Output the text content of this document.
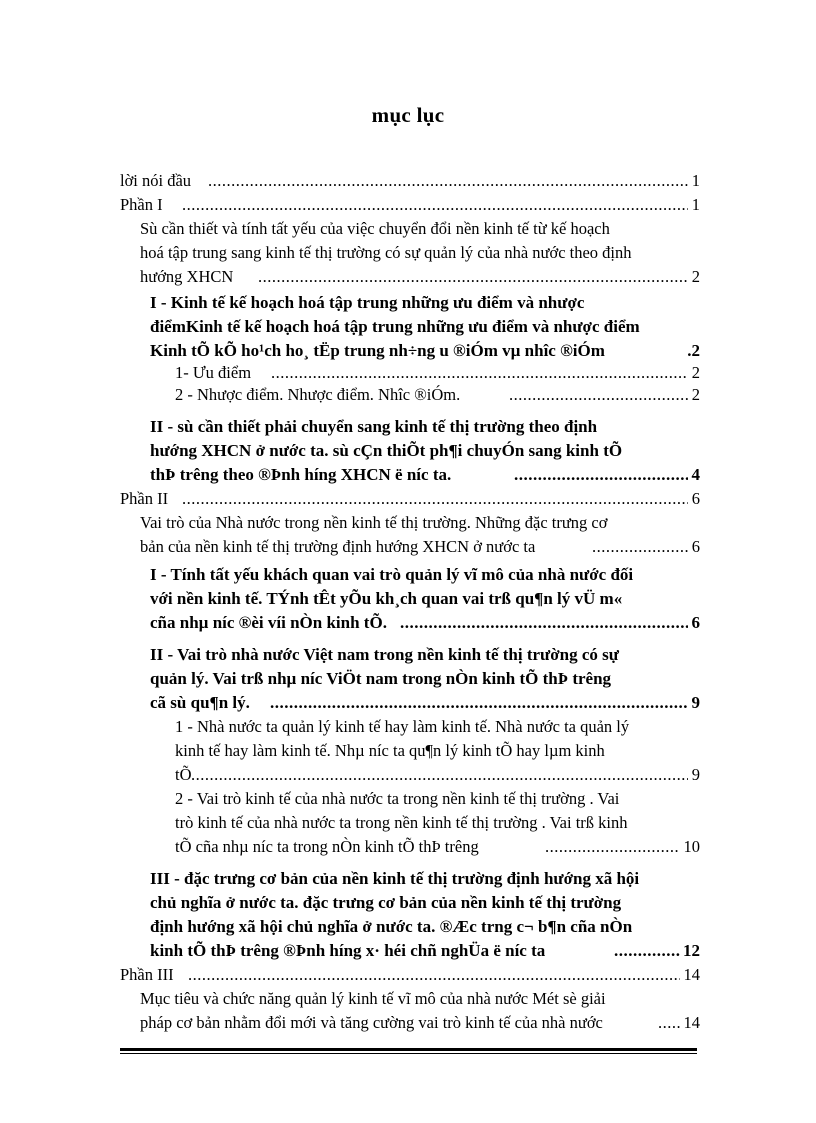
mục lục
lời nói đầu .....	1
Phần I .....	1
Sù cần thiết và tính tất yếu của việc chuyển đổi nền kinh tế từ kế hoạch
hoá tập trung sang kinh tế thị trường có sự quản lý của nhà nước theo định
hướng XHCN .....	2
I - Kinh tế kế hoạch hoá tập trung những ưu điểm và nhược
điểmKinh tế kế hoạch hoá tập trung những ưu điểm và nhược điểm
Kinh tÕ kÕ ho¹ch ho¸ tËp trung nh÷ng u ®iÓm vµ nhîc ®iÓm	.2
1- Ưu điểm .....	2
2 - Nhược điểm. Nhược điểm. Nhîc ®iÓm. .....	2
II - sù cần thiết phải chuyển sang kinh tế thị trường theo định
hướng XHCN ở nước ta. sù cÇn thiÕt ph¶i chuyÓn sang kinh tÕ
thÞ trêng theo ®Þnh híng XHCN ë níc ta. .....	4
Phần II .....	6
Vai trò của Nhà nước trong nền kinh tế thị trường. Những đặc trưng cơ
bản của nền kinh tế thị trường định hướng XHCN ở nước ta .....	6
I - Tính tất yếu khách quan vai trò quản lý vĩ mô của nhà nước đối
với nền kinh tế. TÝnh tÊt yÕu kh¸ch quan vai trß qu¶n lý vÜ m«
cña nhµ níc ®èi víi nÒn kinh tÕ. .....	6
II - Vai trò nhà nước Việt nam trong nền kinh tế thị trường có sự
quản lý. Vai trß nhµ níc ViÖt nam trong nÒn kinh tÕ thÞ trêng
cã sù qu¶n lý. .....	9
1 - Nhà nước ta quản lý kinh tế hay làm kinh tế. Nhà nước ta quản lý
kinh tế hay làm kinh tế. Nhµ níc ta qu¶n lý kinh tÕ hay lµm kinh
tÕ .....	9
2 - Vai trò kinh tế của nhà nước ta trong nền kinh tế thị trường . Vai
trò kinh tế của nhà nước ta trong nền kinh tế thị trường . Vai trß kinh
tÕ cña nhµ níc ta trong nÒn kinh tÕ thÞ trêng .....	10
III - đặc trưng cơ bản của nền kinh tế thị trường định hướng xã hội
chủ nghĩa ở nước ta. đặc trưng cơ bản của nền kinh tế thị trường
định hướng xã hội chủ nghĩa ở nước ta. ®Æc trng c¬ b¶n cña nÒn
kinh tÕ thÞ trêng ®Þnh híng x· héi chñ nghÜa ë níc ta .....	12
Phần III .....	14
Mục tiêu và chức năng quản lý kinh tế vĩ mô của nhà nước Mét sè giải
pháp cơ bản nhằm đổi mới và tăng cường vai trò kinh tế của nhà nước .....	14
